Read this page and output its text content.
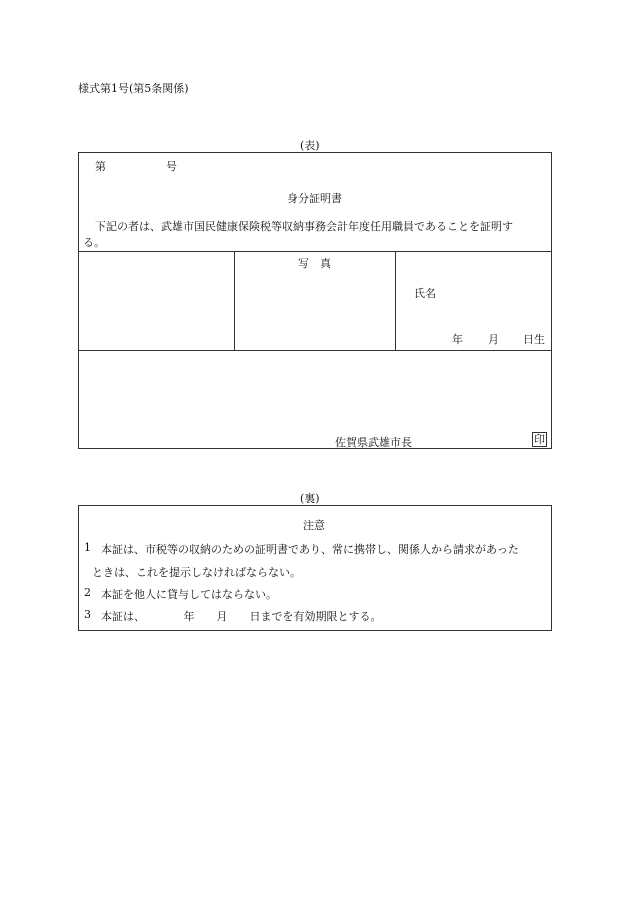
様式第1号(第5条関係)
(表)
第	号
身分証明書
下記の者は、武雄市国民健康保険税等収納事務会計年度任用職員であることを証明す
る。
写　真
氏名
年 月 日生
佐賀県武雄市長	印
(裏)
注意
1 本証は、市税等の収納のための証明書であり、常に携帯し、関係人から請求があった
ときは、これを提示しなければならない。
2 本証を他人に貸与してはならない。
3 本証は、　　　　年　　月　　日までを有効期限とする。
